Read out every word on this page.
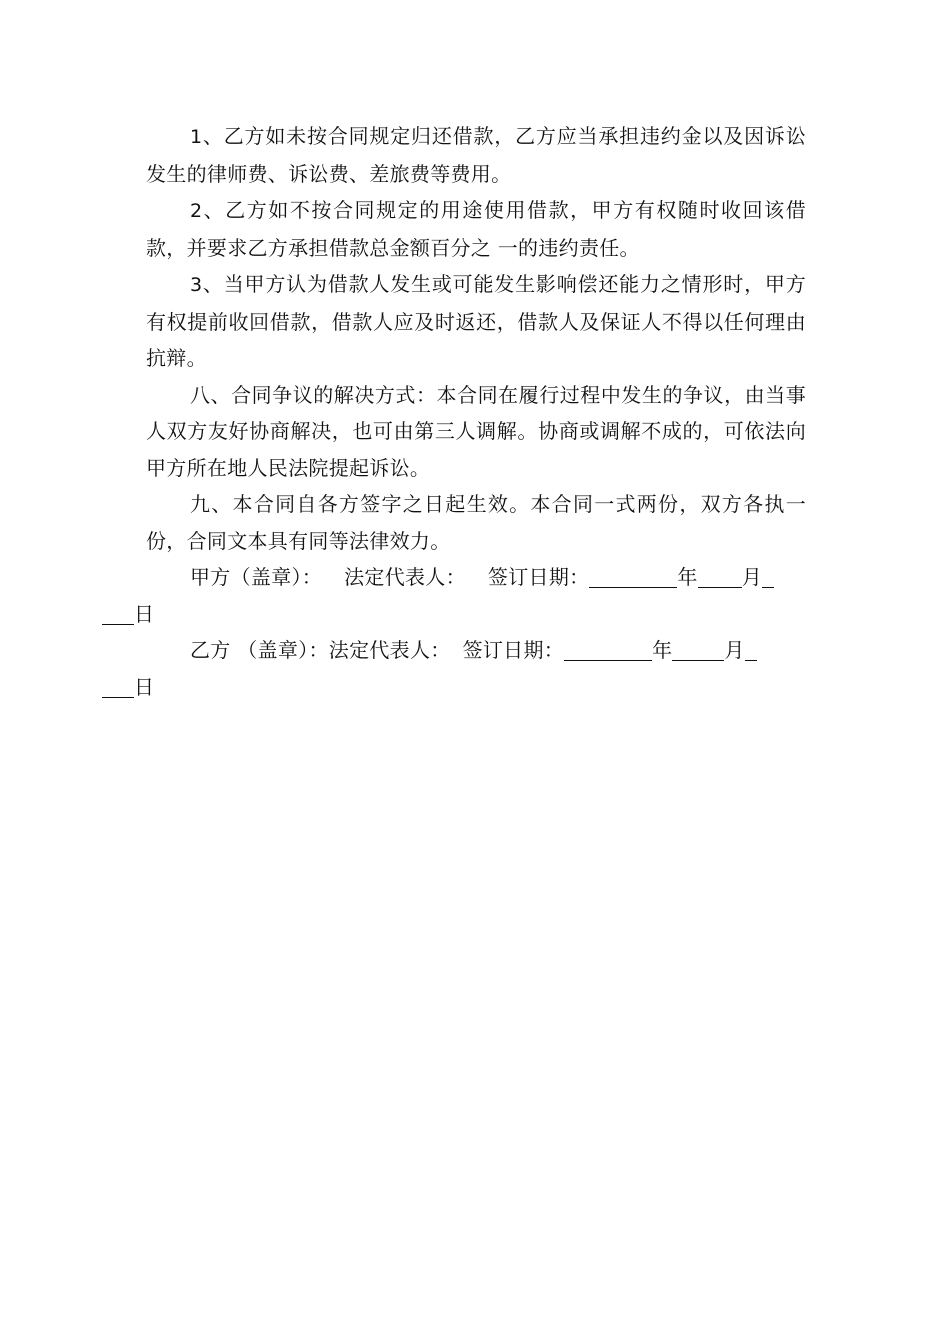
1、乙方如未按合同规定归还借款，乙方应当承担违约金以及因诉讼发生的律师费、诉讼费、差旅费等费用。

2、乙方如不按合同规定的用途使用借款，甲方有权随时收回该借款，并要求乙方承担借款总金额百分之 一的违约责任。

3、当甲方认为借款人发生或可能发生影响偿还能力之情形时，甲方有权提前收回借款，借款人应及时返还，借款人及保证人不得以任何理由抗辩。

八、合同争议的解决方式：本合同在履行过程中发生的争议，由当事人双方友好协商解决，也可由第三人调解。协商或调解不成的，可依法向甲方所在地人民法院提起诉讼。

九、本合同自各方签字之日起生效。本合同一式两份，双方各执一份，合同文本具有同等法律效力。

甲方（盖章）： 法定代表人： 签订日期：	年 月
日

乙方 （盖章）：法定代表人： 签订日期：	年	月
日
